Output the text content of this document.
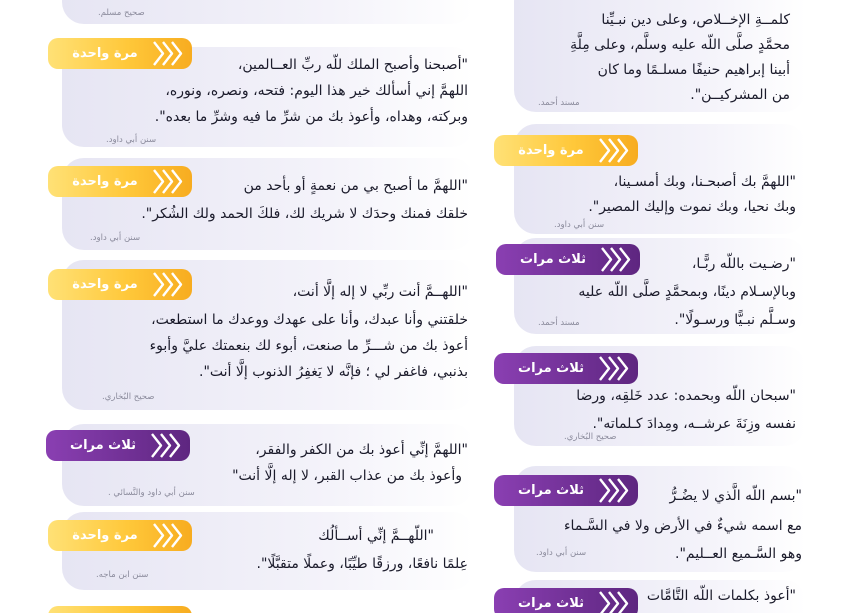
صحيح مسلم.
مرة واحدة
"أصبحنا وأصبح الملك للّه ربِّ العــالمين،
اللهمَّ إني أسألك خير هذا اليوم: فتحه، ونصره، ونوره،
وبركته، وهداه، وأعوذ بك من شرِّ ما فيه وشرِّ ما بعده".
سنن أبي داود.
مرة واحدة	"اللهمَّ ما أصبح بي من نعمةٍ أو بأحد من
خلقك فمنك وحدَك لا شريك لك، فلكَ الحمد ولك الشُكر".
سنن أبي داود.
مرة واحدة	"اللهــمَّ أنت ربِّي لا إله إلَّا أنت،
خلقتني وأنا عبدك، وأنا على عهدك ووعدك ما استطعت،
أعوذ بك من شـــرِّ ما صنعت، أبوء لك بنعمتك عليَّ وأبوء
بذنبي، فاغفر لي ؛ فإنَّه لا يَغفِرُ الذنوب إلَّا أنت".
صحيح البُخاري.
ثلاث مرات	"اللهمَّ إنِّي أعوذ بك من الكفر والفقر،
وأعوذ بك من عذاب القبر، لا إله إلَّا أنت"
سنن أبي داود والنَّسائي .
مرة واحدة	"اللّهــمَّ إنِّي أســألُك
عِلمًا نافعًا، ورزقًا طيِّبًا، وعملًا متقبَّلًا".
سنن ابن ماجه.
كلمــةِ الإخــلاص، وعلى دين نبـيِّنا
محمَّدٍ صلَّى اللّه عليه وسلَّم، وعلى مِلَّةِ
أبينا إبراهيم حنيفًا مسلـمًا وما كان
من المشركيــن".
مسند أحمد.
مرة واحدة
"اللهمَّ بك أصبحـنا، وبك أمسـينا،
وبك نحيا، وبك نموت وإليك المصير".
سنن أبي داود.
ثلاث مرات	"رضـيت باللّه ربًّـا،
وبالإسـلام دينًا، وبمحمَّدٍ صلَّى اللّه عليه
وسـلَّم نبـيًّا ورسـولًا".
مسند أحمد.
ثلاث مرات
"سبحان اللّه وبحمده: عدد خَلقِه، ورضا
نفسه وزِنَةَ عرشــه، ومِدادَ كـلماته".
صحيح البُخاري.
ثلاث مرات	"بسم اللّه الَّذي لا يضُـرُّ
مع اسمه شيءٌ في الأرض ولا في السَّـماء
وهو السَّـميع العــليم".
سنن أبي داود.
ثلاث مرات	"أعوذ بكلمات اللّه التَّامَّات
